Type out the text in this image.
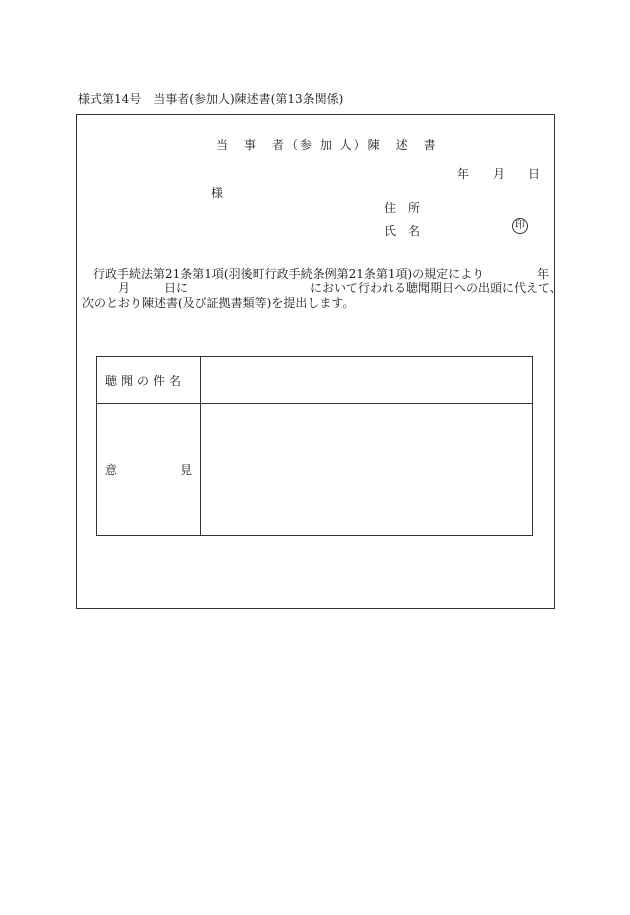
様式第14号　当事者(参加人)陳述書(第13条関係)
当　事　者（参 加 人）陳　述　書
年 月 日
様
住　所
氏　名	印
行政手続法第21条第1項(羽後町行政手続条例第21条第1項)の規定により	年
月	日に	において行われる聴聞期日への出頭に代えて、
次のとおり陳述書(及び証拠書類等)を提出します。
聴聞の件名	

意 見	
